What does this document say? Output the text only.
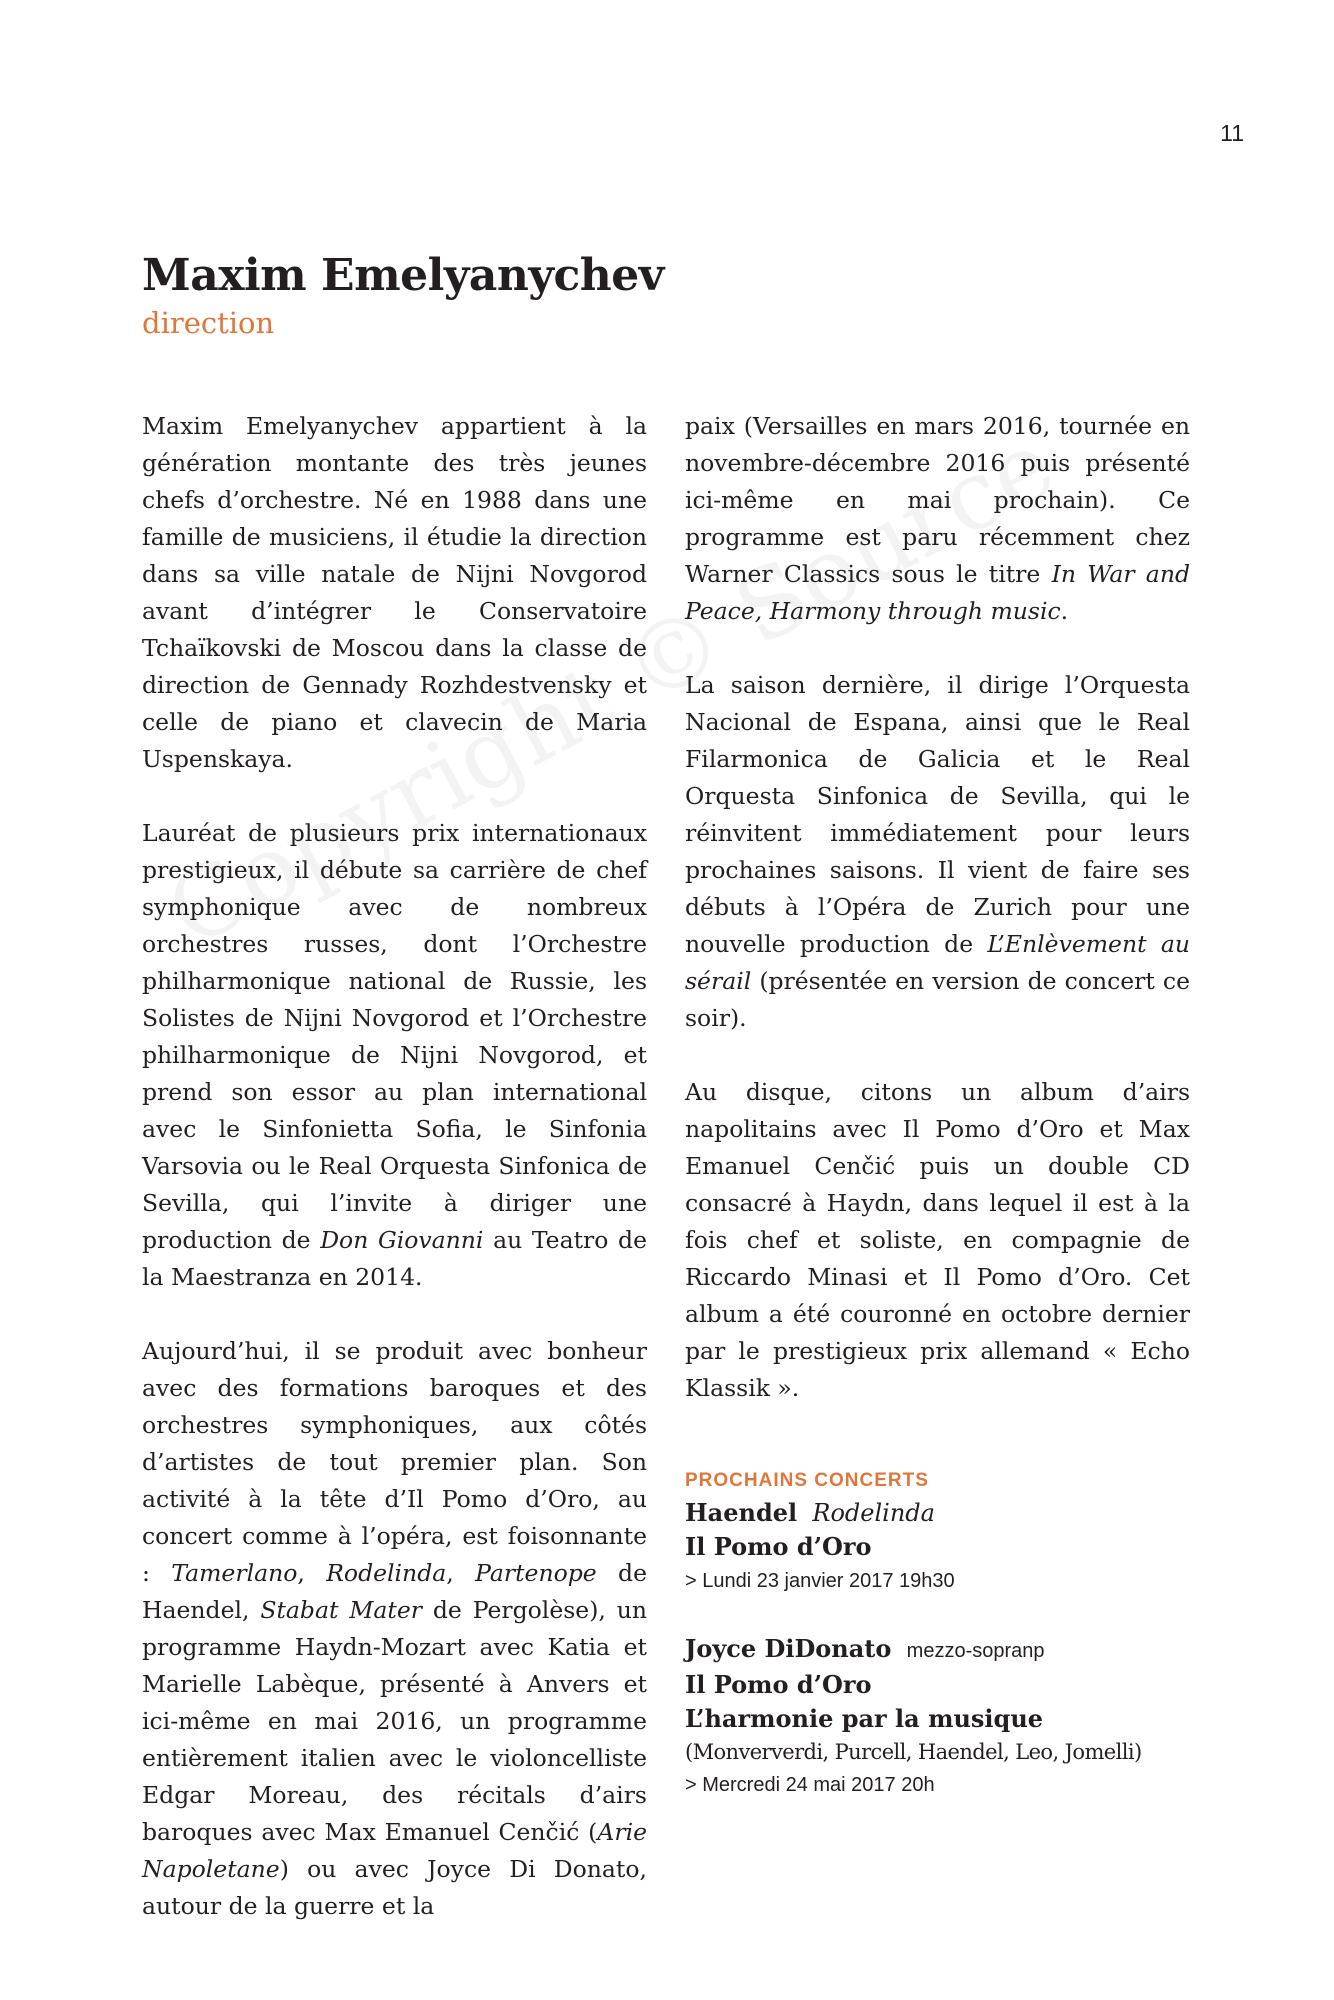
11
Maxim Emelyanychev
direction

Maxim Emelyanychev appartient à la génération montante des très jeunes chefs d’orchestre. Né en 1988 dans une famille de musiciens, il étudie la direction dans sa ville natale de Nijni Novgorod avant d’intégrer le Conservatoire Tchaïkovski de Moscou dans la classe de direction de Gennady Rozhdestvensky et celle de piano et clavecin de Maria Uspenskaya.

Lauréat de plusieurs prix internationaux prestigieux, il débute sa carrière de chef symphonique avec de nombreux orchestres russes, dont l’Orchestre philharmonique national de Russie, les Solistes de Nijni Novgorod et l’Orchestre philharmonique de Nijni Novgorod, et prend son essor au plan international avec le Sinfonietta Sofia, le Sinfonia Varsovia ou le Real Orquesta Sinfonica de Sevilla, qui l’invite à diriger une production de Don Giovanni au Teatro de la Maestranza en 2014.

Aujourd’hui, il se produit avec bonheur avec des formations baroques et des orchestres symphoniques, aux côtés d’artistes de tout premier plan. Son activité à la tête d’Il Pomo d’Oro, au concert comme à l’opéra, est foisonnante : Tamerlano, Rodelinda, Partenope de Haendel, Stabat Mater de Pergolèse), un programme Haydn-Mozart avec Katia et Marielle Labèque, présenté à Anvers et ici-même en mai 2016, un programme entièrement italien avec le violoncelliste Edgar Moreau, des récitals d’airs baroques avec Max Emanuel Cenčić (Arie Napoletane) ou avec Joyce Di Donato, autour de la guerre et la

paix (Versailles en mars 2016, tournée en novembre-décembre 2016 puis présenté ici-même en mai prochain). Ce programme est paru récemment chez Warner Classics sous le titre In War and Peace, Harmony through music.

La saison dernière, il dirige l’Orquesta Nacional de Espana, ainsi que le Real Filarmonica de Galicia et le Real Orquesta Sinfonica de Sevilla, qui le réinvitent immédiatement pour leurs prochaines saisons. Il vient de faire ses débuts à l’Opéra de Zurich pour une nouvelle production de L’Enlèvement au sérail (présentée en version de concert ce soir).

Au disque, citons un album d’airs napolitains avec Il Pomo d’Oro et Max Emanuel Cenčić puis un double CD consacré à Haydn, dans lequel il est à la fois chef et soliste, en compagnie de Riccardo Minasi et Il Pomo d’Oro. Cet album a été couronné en octobre dernier par le prestigieux prix allemand « Echo Klassik ».

PROCHAINS CONCERTS
Haendel Rodelinda
Il Pomo d’Oro
> Lundi 23 janvier 2017 19h30
Joyce DiDonato mezzo-sopranp
Il Pomo d’Oro
L’harmonie par la musique
(Monververdi, Purcell, Haendel, Leo, Jomelli)
> Mercredi 24 mai 2017 20h
